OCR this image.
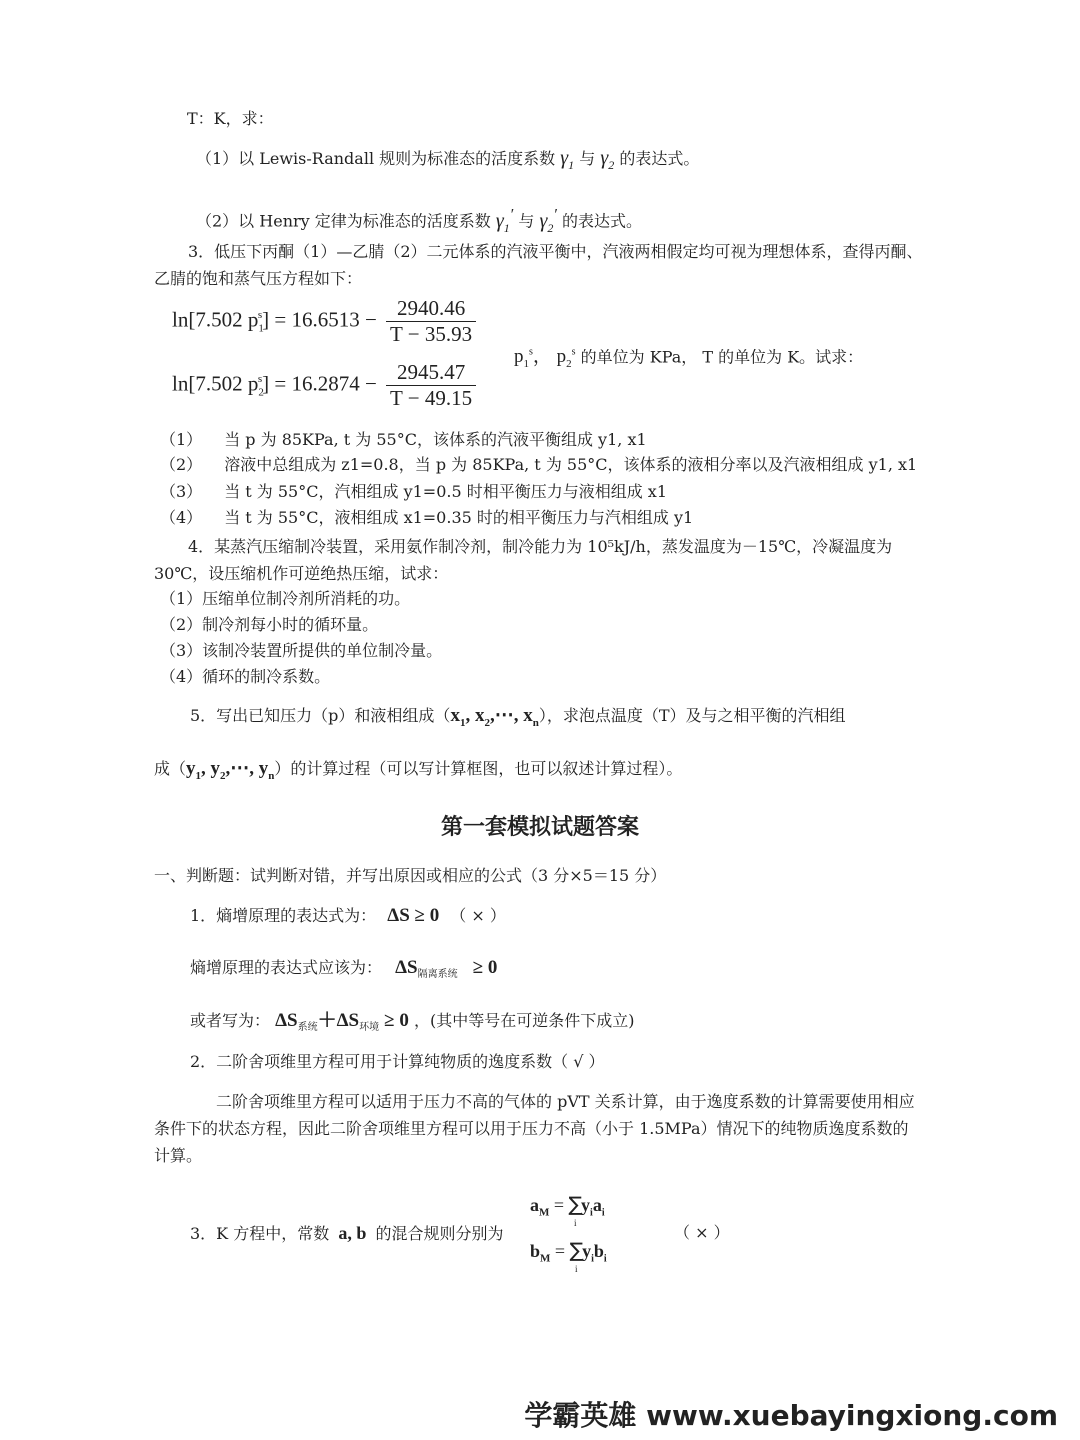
T：K，求：
（1）以 Lewis-Randall 规则为标准态的活度系数 $\gamma_1$ 与 $\gamma_2$ 的表达式。
（2）以 Henry 定律为标准态的活度系数 $\gamma_1'$ 与 $\gamma_2'$ 的表达式。
3．低压下丙酮（1）—乙腈（2）二元体系的汽液平衡中，汽液两相假定均可视为理想体系，查得丙酮、乙腈的饱和蒸气压方程如下：
ln[7.502 $p_1^s] = 16.6513 - \frac{2940.46}{T - 35.93}$
ln[7.502 $p_2^s] = 16.2874 - \frac{2945.47}{T - 49.15}$
$p_1^s$， $p_2^s$ 的单位为 KPa， T 的单位为 K。试求：
（1） 当 p 为 85KPa, t 为 55°C，该体系的汽液平衡组成 y1, x1
（2） 溶液中总组成为 z1=0.8，当 p 为 85KPa, t 为 55°C，该体系的液相分率以及汽液相组成 y1, x1
（3） 当 t 为 55°C，汽相组成 y1=0.5 时相平衡压力与液相组成 x1
（4） 当 t 为 55°C，液相组成 x1=0.35 时的相平衡压力与汽相组成 y1
4．某蒸汽压缩制冷装置，采用氨作制冷剂，制冷能力为 10⁵kJ/h，蒸发温度为－15℃，冷凝温度为 30℃，设压缩机作可逆绝热压缩，试求：
（1）压缩单位制冷剂所消耗的功。
（2）制冷剂每小时的循环量。
（3）该制冷装置所提供的单位制冷量。
（4）循环的制冷系数。
5．写出已知压力（p）和液相组成（$x_1$, $x_2,\cdots$, $x_n$），求泡点温度（T）及与之相平衡的汽相组
成（$y_1$, $y_2,\cdots$, $y_n$）的计算过程（可以写计算框图，也可以叙述计算过程）。
第一套模拟试题答案
一、判断题：试判断对错，并写出原因或相应的公式（3 分×5＝15 分）
1．熵增原理的表达式为： ΔS ≥ 0 （ × ）
熵增原理的表达式应该为： $\Delta S_{隔离系统} \ge 0$
或者写为： $\Delta S_{系统}+\Delta S_{环境} \ge 0$ ，(其中等号在可逆条件下成立)
2．二阶舍项维里方程可用于计算纯物质的逸度系数（ √ ）
二阶舍项维里方程可以适用于压力不高的气体的 pVT 关系计算，由于逸度系数的计算需要使用相应条件下的状态方程，因此二阶舍项维里方程可以用于压力不高（小于 1.5MPa）情况下的纯物质逸度系数的计算。
3．K 方程中，常数 a, b 的混合规则分别为
$a_M = \sum_i$ $y_ia_i$
$b_M = \sum_i$ $y_ib_i$
（ × ）
学霸英雄 www.xuebayingxiong.com
